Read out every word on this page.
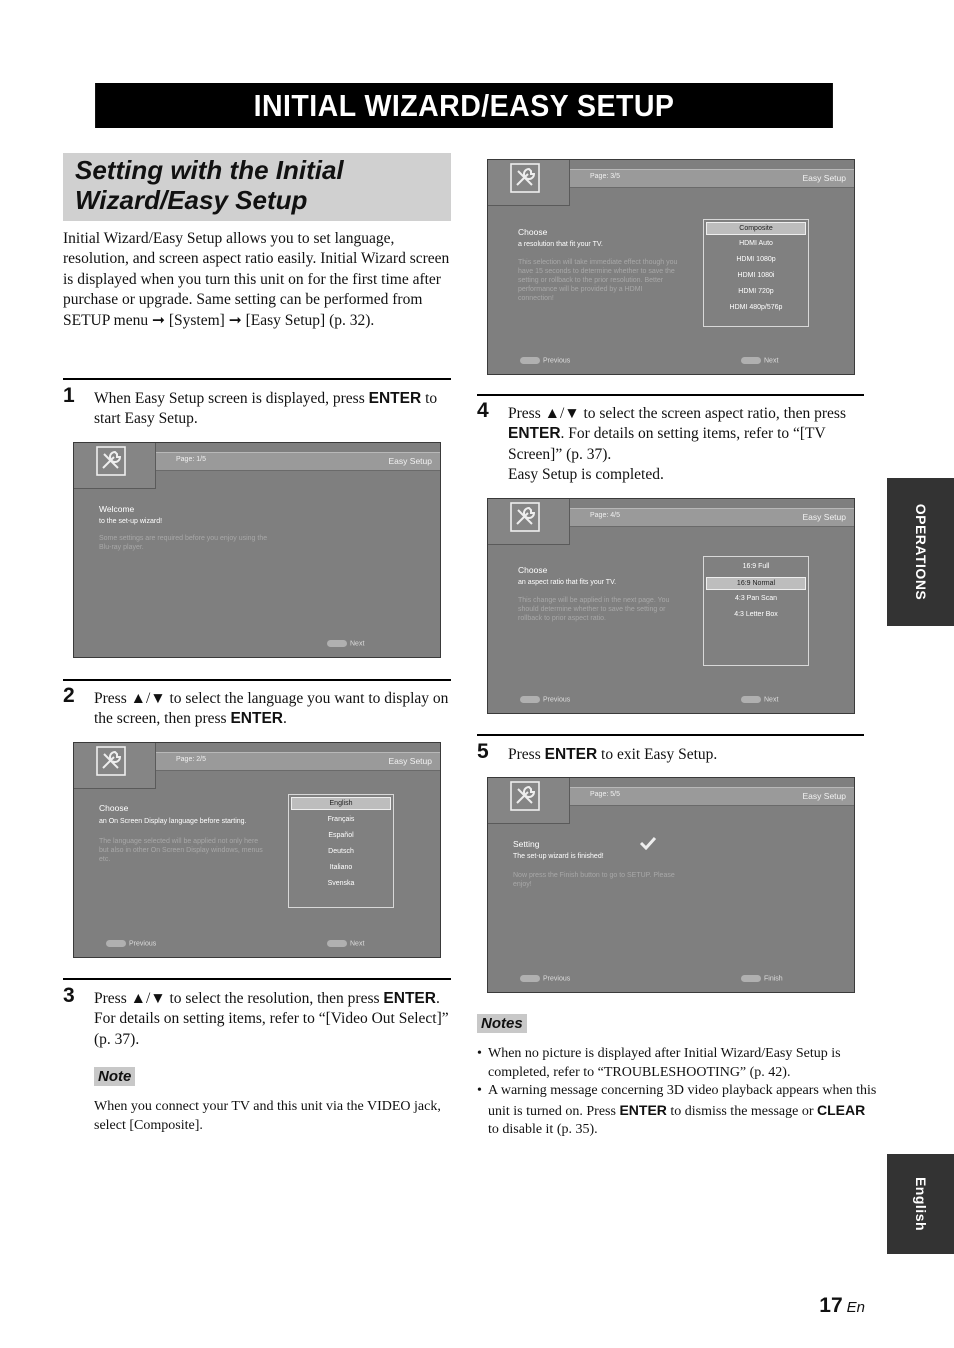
INITIAL WIZARD/EASY SETUP
Setting with the Initial Wizard/Easy Setup
Initial Wizard/Easy Setup allows you to set language, resolution, and screen aspect ratio easily. Initial Wizard screen is displayed when you turn this unit on for the first time after purchase or upgrade. Same setting can be performed from SETUP menu ➞ [System] ➞ [Easy Setup] (p. 32).
1 When Easy Setup screen is displayed, press ENTER to start Easy Setup.
Page: 1/5	Easy Setup
Welcome
to the set-up wizard!
Some settings are required before you enjoy using the Blu-ray player.
Next
2 Press ▲/▼ to select the language you want to display on the screen, then press ENTER.
Page: 2/5	Easy Setup
Choose
an On Screen Display language before starting.
The language selected will be applied not only here but also in other On Screen Display windows, menus etc.
English
Français
Español
Deutsch
Italiano
Svenska
Previous	Next
3 Press ▲/▼ to select the resolution, then press ENTER. For details on setting items, refer to “[Video Out Select]” (p. 37).
Note
When you connect your TV and this unit via the VIDEO jack, select [Composite].
Page: 3/5	Easy Setup
Choose
a resolution that fit your TV.
This selection will take immediate effect though you have 15 seconds to determine whether to save the setting or rollback to the prior resolution. Better performance will be provided by a HDMI connection!
Composite
HDMI Auto
HDMI 1080p
HDMI 1080i
HDMI 720p
HDMI 480p/576p
Previous	Next
4 Press ▲/▼ to select the screen aspect ratio, then press ENTER. For details on setting items, refer to “[TV Screen]” (p. 37).
Easy Setup is completed.
Page: 4/5	Easy Setup
Choose
an aspect ratio that fits your TV.
This change will be applied in the next page. You should determine whether to save the setting or rollback to prior aspect ratio.
16:9 Full
16:9 Normal
4:3 Pan Scan
4:3 Letter Box
Previous	Next
5 Press ENTER to exit Easy Setup.
Page: 5/5	Easy Setup
Setting
The set-up wizard is finished!
Now press the Finish button to go to SETUP. Please enjoy!
Previous	Finish
Notes
• When no picture is displayed after Initial Wizard/Easy Setup is completed, refer to “TROUBLESHOOTING” (p. 42).
• A warning message concerning 3D video playback appears when this unit is turned on. Press ENTER to dismiss the message or CLEAR to disable it (p. 35).
OPERATIONS
English
17 En
